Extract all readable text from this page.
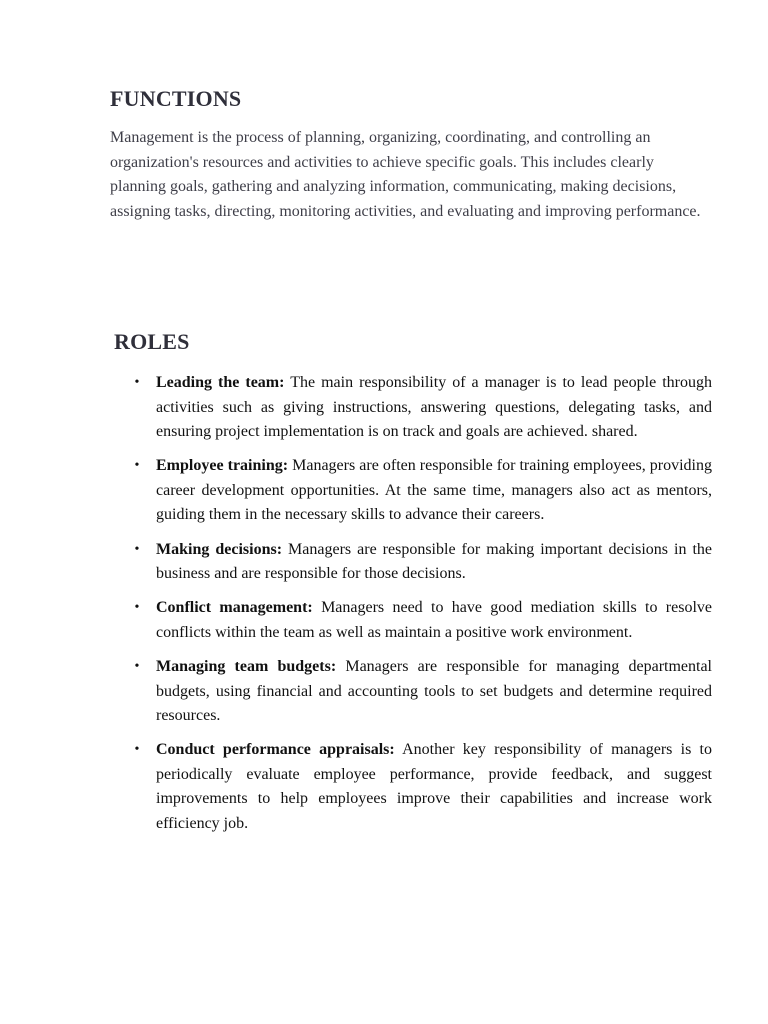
FUNCTIONS

Management is the process of planning, organizing, coordinating, and controlling an organization's resources and activities to achieve specific goals. This includes clearly planning goals, gathering and analyzing information, communicating, making decisions, assigning tasks, directing, monitoring activities, and evaluating and improving performance.

ROLES
• Leading the team: The main responsibility of a manager is to lead people through activities such as giving instructions, answering questions, delegating tasks, and ensuring project implementation is on track and goals are achieved. shared.
• Employee training: Managers are often responsible for training employees, providing career development opportunities. At the same time, managers also act as mentors, guiding them in the necessary skills to advance their careers.
• Making decisions: Managers are responsible for making important decisions in the business and are responsible for those decisions.
• Conflict management: Managers need to have good mediation skills to resolve conflicts within the team as well as maintain a positive work environment.
• Managing team budgets: Managers are responsible for managing departmental budgets, using financial and accounting tools to set budgets and determine required resources.
• Conduct performance appraisals: Another key responsibility of managers is to periodically evaluate employee performance, provide feedback, and suggest improvements to help employees improve their capabilities and increase work efficiency job.
